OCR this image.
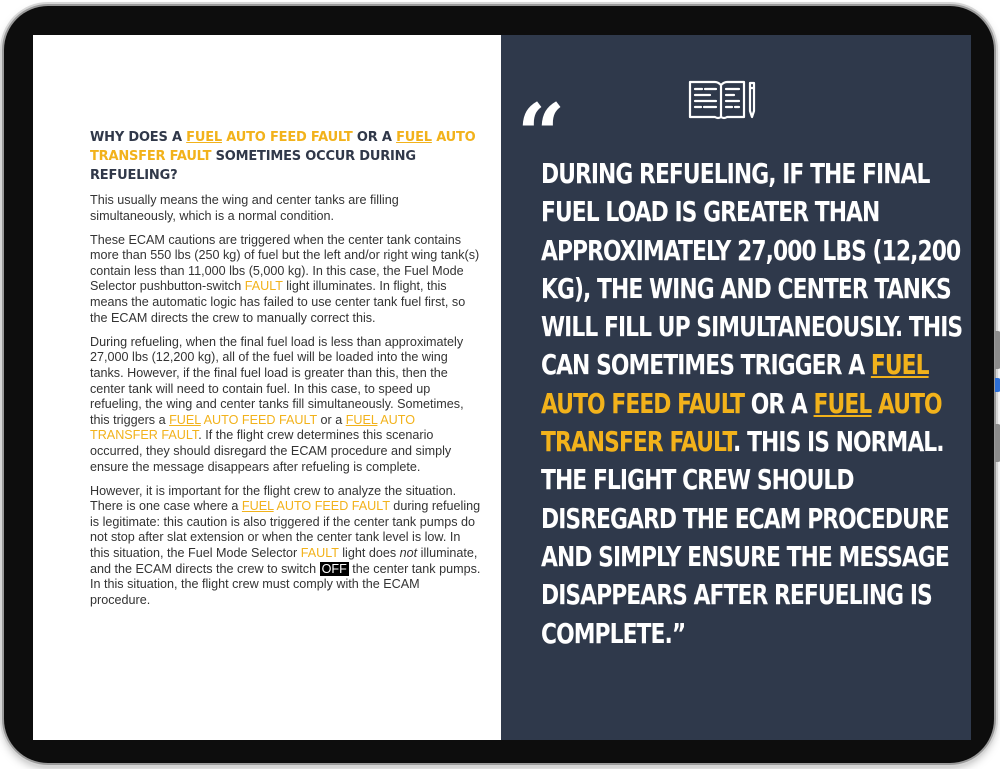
WHY DOES A FUEL AUTO FEED FAULT OR A FUEL AUTO TRANSFER FAULT SOMETIMES OCCUR DURING REFUELING?

This usually means the wing and center tanks are filling simultaneously, which is a normal condition.

These ECAM cautions are triggered when the center tank contains more than 550 lbs (250 kg) of fuel but the left and/or right wing tank(s) contain less than 11,000 lbs (5,000 kg). In this case, the Fuel Mode Selector pushbutton-switch FAULT light illuminates. In flight, this means the automatic logic has failed to use center tank fuel first, so the ECAM directs the crew to manually correct this.

During refueling, when the final fuel load is less than approximately 27,000 lbs (12,200 kg), all of the fuel will be loaded into the wing tanks. However, if the final fuel load is greater than this, then the center tank will need to contain fuel. In this case, to speed up refueling, the wing and center tanks fill simultaneously. Sometimes, this triggers a FUEL AUTO FEED FAULT or a FUEL AUTO TRANSFER FAULT. If the flight crew determines this scenario occurred, they should disregard the ECAM procedure and simply ensure the message disappears after refueling is complete.

However, it is important for the flight crew to analyze the situation. There is one case where a FUEL AUTO FEED FAULT during refueling is legitimate: this caution is also triggered if the center tank pumps do not stop after slat extension or when the center tank level is low. In this situation, the Fuel Mode Selector FAULT light does not illuminate, and the ECAM directs the crew to switch OFF the center tank pumps. In this situation, the flight crew must comply with the ECAM procedure.

“
DURING REFUELING, IF THE FINAL FUEL LOAD IS GREATER THAN APPROXIMATELY 27,000 LBS (12,200 KG), THE WING AND CENTER TANKS WILL FILL UP SIMULTANEOUSLY. THIS CAN SOMETIMES TRIGGER A FUEL AUTO FEED FAULT OR A FUEL AUTO TRANSFER FAULT. THIS IS NORMAL. THE FLIGHT CREW SHOULD DISREGARD THE ECAM PROCEDURE AND SIMPLY ENSURE THE MESSAGE DISAPPEARS AFTER REFUELING IS COMPLETE.”
